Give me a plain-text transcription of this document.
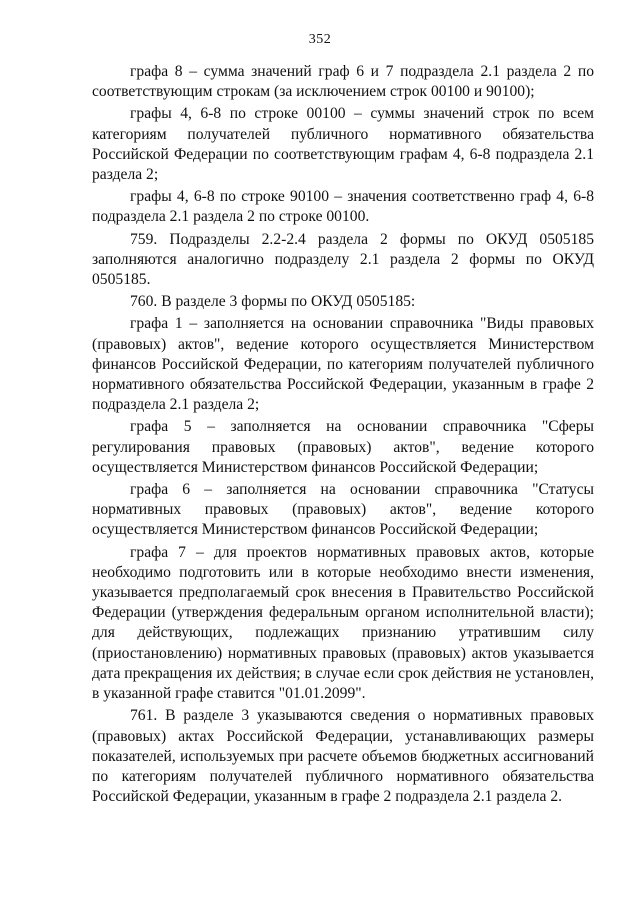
352

графа 8 – сумма значений граф 6 и 7 подраздела 2.1 раздела 2 по соответствующим строкам (за исключением строк 00100 и 90100);

графы 4, 6-8 по строке 00100 – суммы значений строк по всем категориям получателей публичного нормативного обязательства Российской Федерации по соответствующим графам 4, 6-8 подраздела 2.1 раздела 2;

графы 4, 6-8 по строке 90100 – значения соответственно граф 4, 6-8 подраздела 2.1 раздела 2 по строке 00100.

759. Подразделы 2.2-2.4 раздела 2 формы по ОКУД 0505185 заполняются аналогично подразделу 2.1 раздела 2 формы по ОКУД 0505185.

760. В разделе 3 формы по ОКУД 0505185:

графа 1 – заполняется на основании справочника "Виды правовых (правовых) актов", ведение которого осуществляется Министерством финансов Российской Федерации, по категориям получателей публичного нормативного обязательства Российской Федерации, указанным в графе 2 подраздела 2.1 раздела 2;

графа 5 – заполняется на основании справочника "Сферы регулирования правовых (правовых) актов", ведение которого осуществляется Министерством финансов Российской Федерации;

графа 6 – заполняется на основании справочника "Статусы нормативных правовых (правовых) актов", ведение которого осуществляется Министерством финансов Российской Федерации;

графа 7 – для проектов нормативных правовых актов, которые необходимо подготовить или в которые необходимо внести изменения, указывается предполагаемый срок внесения в Правительство Российской Федерации (утверждения федеральным органом исполнительной власти); для действующих, подлежащих признанию утратившим силу (приостановлению) нормативных правовых (правовых) актов указывается дата прекращения их действия; в случае если срок действия не установлен, в указанной графе ставится "01.01.2099".

761. В разделе 3 указываются сведения о нормативных правовых (правовых) актах Российской Федерации, устанавливающих размеры показателей, используемых при расчете объемов бюджетных ассигнований по категориям получателей публичного нормативного обязательства Российской Федерации, указанным в графе 2 подраздела 2.1 раздела 2.
